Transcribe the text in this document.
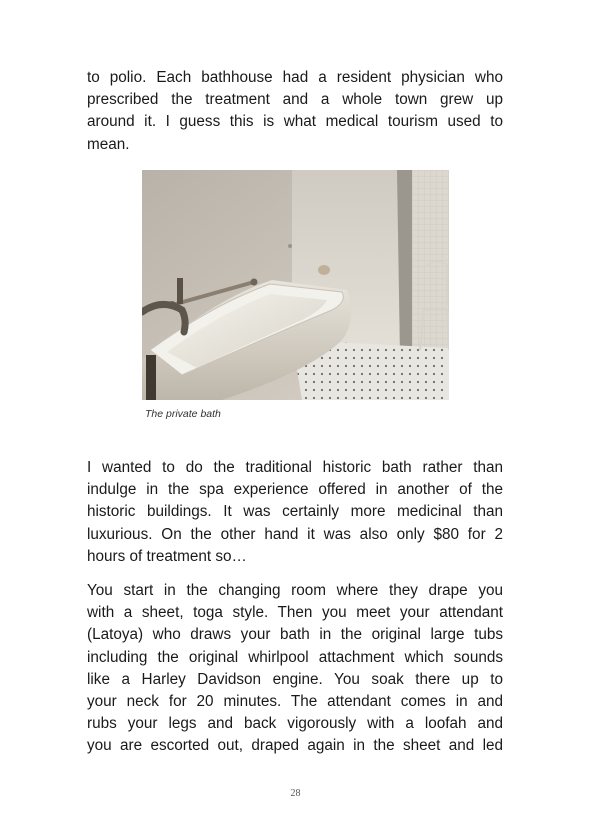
to polio. Each bathhouse had a resident physician who
prescribed the treatment and a whole town grew up
around it. I guess this is what medical tourism used to
mean.

The private bath

I wanted to do the traditional historic bath rather than
indulge in the spa experience offered in another of the
historic buildings. It was certainly more medicinal than
luxurious. On the other hand it was also only $80 for 2
hours of treatment so…

You start in the changing room where they drape you
with a sheet, toga style. Then you meet your attendant
(Latoya) who draws your bath in the original large tubs
including the original whirlpool attachment which sounds
like a Harley Davidson engine. You soak there up to
your neck for 20 minutes. The attendant comes in and
rubs your legs and back vigorously with a loofah and
you are escorted out, draped again in the sheet and led

28
